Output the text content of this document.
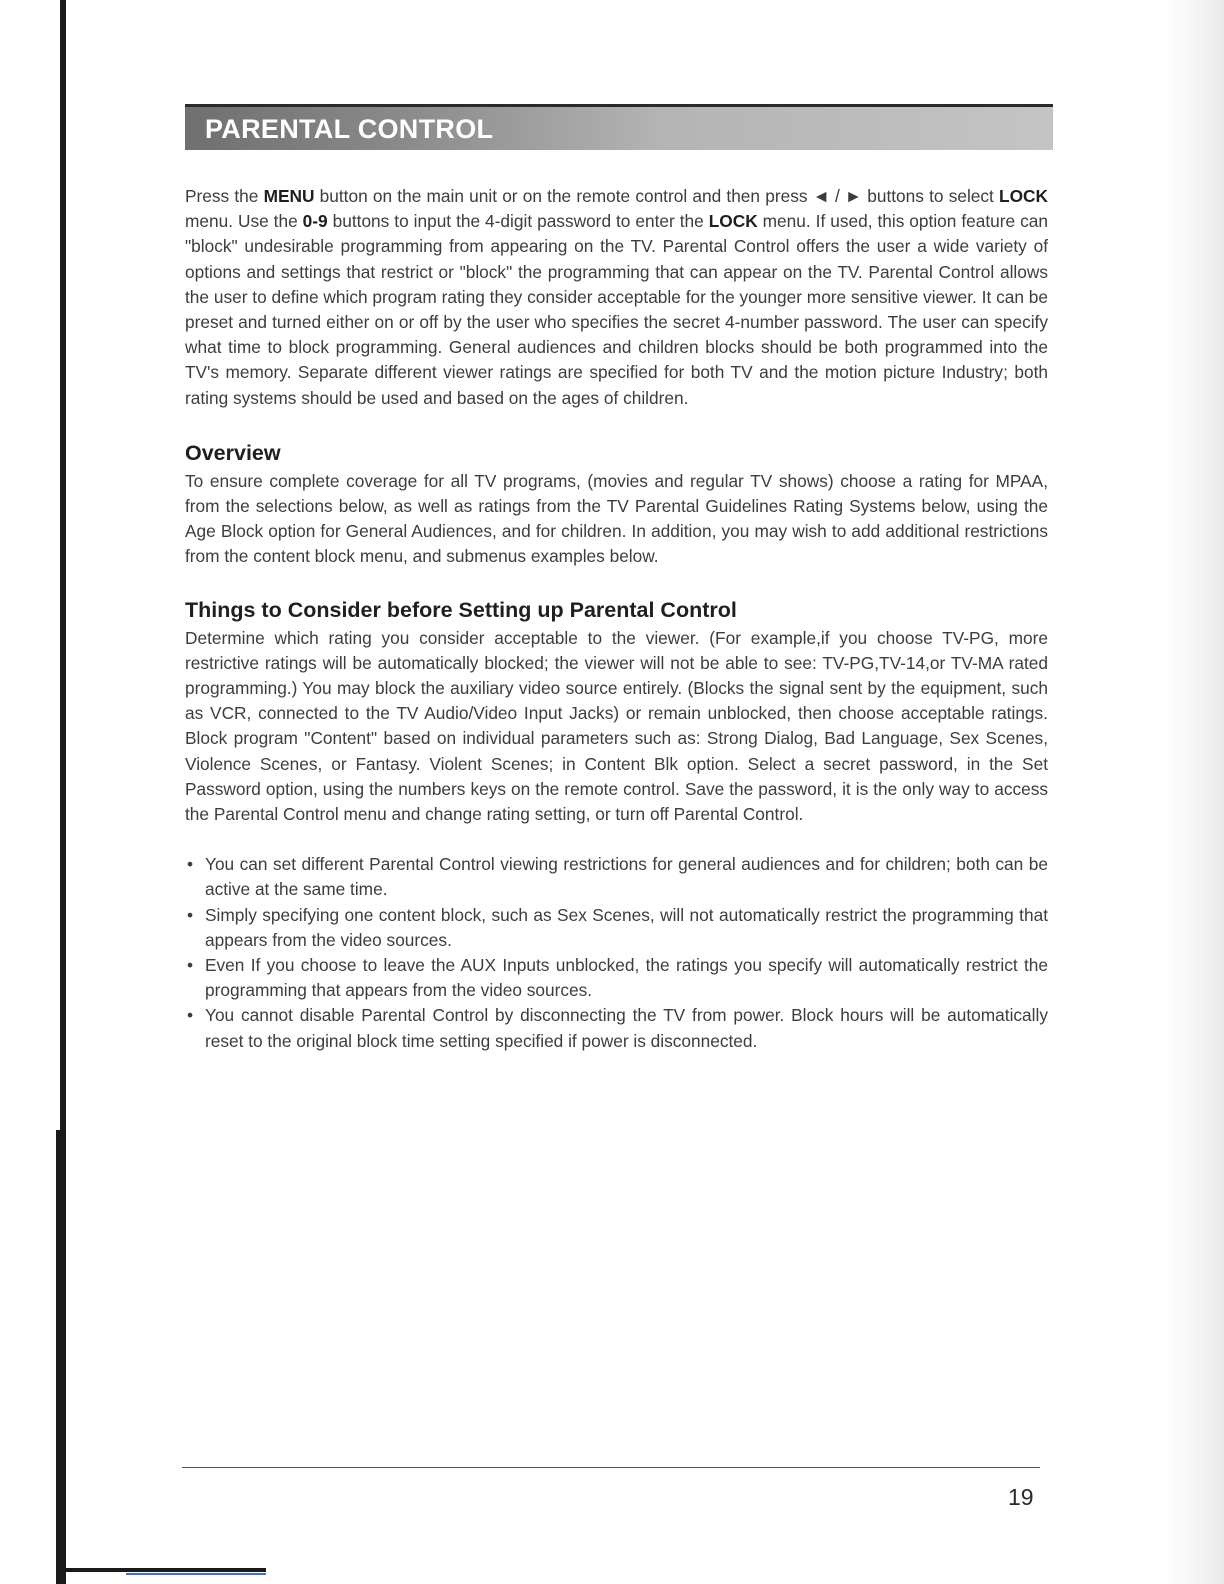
PARENTAL CONTROL

Press the MENU button on the main unit or on the remote control and then press ◄ / ► buttons to select LOCK menu. Use the 0-9 buttons to input the 4-digit password to enter the LOCK menu. If used, this option feature can "block" undesirable programming from appearing on the TV. Parental Control offers the user a wide variety of options and settings that restrict or "block" the programming that can appear on the TV. Parental Control allows the user to define which program rating they consider acceptable for the younger more sensitive viewer. It can be preset and turned either on or off by the user who specifies the secret 4-number password. The user can specify what time to block programming. General audiences and children blocks should be both programmed into the TV's memory. Separate different viewer ratings are specified for both TV and the motion picture Industry; both rating systems should be used and based on the ages of children.

Overview

To ensure complete coverage for all TV programs, (movies and regular TV shows) choose a rating for MPAA, from the selections below, as well as ratings from the TV Parental Guidelines Rating Systems below, using the Age Block option for General Audiences, and for children. In addition, you may wish to add additional restrictions from the content block menu, and submenus examples below.

Things to Consider before Setting up Parental Control

Determine which rating you consider acceptable to the viewer. (For example,if you choose TV-PG, more restrictive ratings will be automatically blocked; the viewer will not be able to see: TV-PG,TV-14,or TV-MA rated programming.) You may block the auxiliary video source entirely. (Blocks the signal sent by the equipment, such as VCR, connected to the TV Audio/Video Input Jacks) or remain unblocked, then choose acceptable ratings. Block program "Content" based on individual parameters such as: Strong Dialog, Bad Language, Sex Scenes, Violence Scenes, or Fantasy. Violent Scenes; in Content Blk option. Select a secret password, in the Set Password option, using the numbers keys on the remote control. Save the password, it is the only way to access the Parental Control menu and change rating setting, or turn off Parental Control.

• You can set different Parental Control viewing restrictions for general audiences and for children; both can be active at the same time.
• Simply specifying one content block, such as Sex Scenes, will not automatically restrict the programming that appears from the video sources.
• Even If you choose to leave the AUX Inputs unblocked, the ratings you specify will automatically restrict the programming that appears from the video sources.
• You cannot disable Parental Control by disconnecting the TV from power. Block hours will be automatically reset to the original block time setting specified if power is disconnected.
19
